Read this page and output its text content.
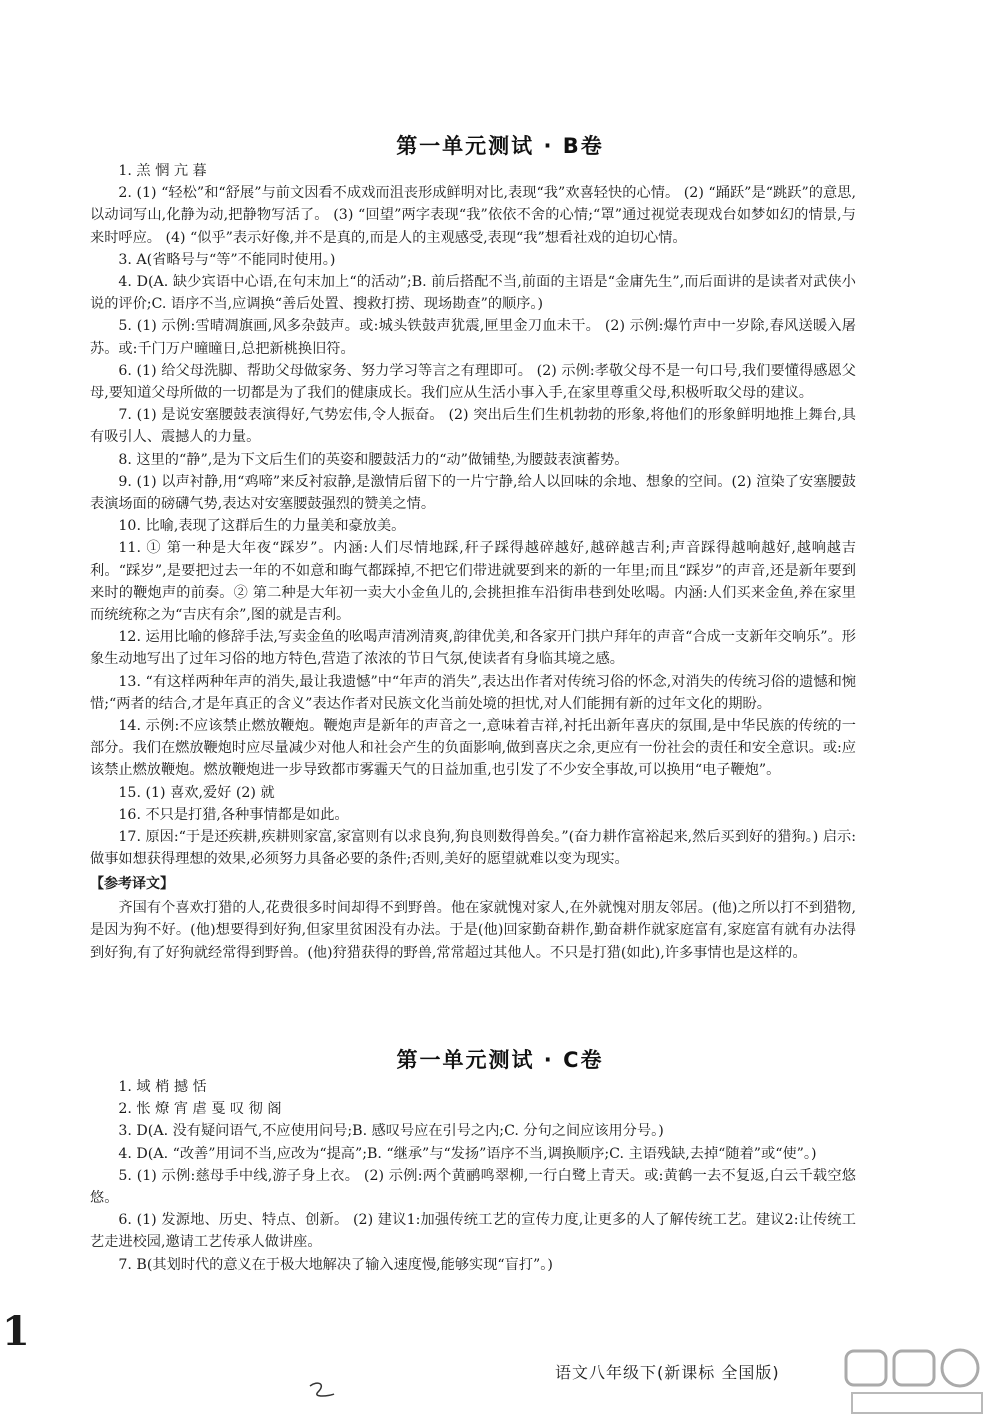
第一单元测试 · B卷

1. 羔 惘 亢 暮

2. (1) “轻松”和“舒展”与前文因看不成戏而沮丧形成鲜明对比,表现“我”欢喜轻快的心情。 (2) “踊跃”是“跳跃”的意思,以动词写山,化静为动,把静物写活了。 (3) “回望”两字表现“我”依依不舍的心情;“罩”通过视觉表现戏台如梦如幻的情景,与来时呼应。 (4) “似乎”表示好像,并不是真的,而是人的主观感受,表现“我”想看社戏的迫切心情。

3. A(省略号与“等”不能同时使用。)

4. D(A. 缺少宾语中心语,在句末加上“的活动”;B. 前后搭配不当,前面的主语是“金庸先生”,而后面讲的是读者对武侠小说的评价;C. 语序不当,应调换“善后处置、搜救打捞、现场勘查”的顺序。)

5. (1) 示例:雪晴凋旗画,风多杂鼓声。或:城头铁鼓声犹震,匣里金刀血未干。 (2) 示例:爆竹声中一岁除,春风送暖入屠苏。或:千门万户曈曈日,总把新桃换旧符。

6. (1) 给父母洗脚、帮助父母做家务、努力学习等言之有理即可。 (2) 示例:孝敬父母不是一句口号,我们要懂得感恩父母,要知道父母所做的一切都是为了我们的健康成长。我们应从生活小事入手,在家里尊重父母,积极听取父母的建议。

7. (1) 是说安塞腰鼓表演得好,气势宏伟,令人振奋。 (2) 突出后生们生机勃勃的形象,将他们的形象鲜明地推上舞台,具有吸引人、震撼人的力量。

8. 这里的“静”,是为下文后生们的英姿和腰鼓活力的“动”做铺垫,为腰鼓表演蓄势。

9. (1) 以声衬静,用“鸡啼”来反衬寂静,是激情后留下的一片宁静,给人以回味的余地、想象的空间。(2) 渲染了安塞腰鼓表演场面的磅礴气势,表达对安塞腰鼓强烈的赞美之情。

10. 比喻,表现了这群后生的力量美和豪放美。

11. ① 第一种是大年夜“踩岁”。内涵:人们尽情地踩,秆子踩得越碎越好,越碎越吉利;声音踩得越响越好,越响越吉利。“踩岁”,是要把过去一年的不如意和晦气都踩掉,不把它们带进就要到来的新的一年里;而且“踩岁”的声音,还是新年要到来时的鞭炮声的前奏。② 第二种是大年初一卖大小金鱼儿的,会挑担推车沿街串巷到处吆喝。内涵:人们买来金鱼,养在家里而统统称之为“吉庆有余”,图的就是吉利。

12. 运用比喻的修辞手法,写卖金鱼的吆喝声清冽清爽,韵律优美,和各家开门拱户拜年的声音“合成一支新年交响乐”。形象生动地写出了过年习俗的地方特色,营造了浓浓的节日气氛,使读者有身临其境之感。

13. “有这样两种年声的消失,最让我遗憾”中“年声的消失”,表达出作者对传统习俗的怀念,对消失的传统习俗的遗憾和惋惜;“两者的结合,才是年真正的含义”表达作者对民族文化当前处境的担忧,对人们能拥有新的过年文化的期盼。

14. 示例:不应该禁止燃放鞭炮。鞭炮声是新年的声音之一,意味着吉祥,衬托出新年喜庆的氛围,是中华民族的传统的一部分。我们在燃放鞭炮时应尽量减少对他人和社会产生的负面影响,做到喜庆之余,更应有一份社会的责任和安全意识。或:应该禁止燃放鞭炮。燃放鞭炮进一步导致都市雾霾天气的日益加重,也引发了不少安全事故,可以换用“电子鞭炮”。

15. (1) 喜欢,爱好 (2) 就

16. 不只是打猎,各种事情都是如此。

17. 原因:“于是还疾耕,疾耕则家富,家富则有以求良狗,狗良则数得兽矣。”(奋力耕作富裕起来,然后买到好的猎狗。) 启示:做事如想获得理想的效果,必须努力具备必要的条件;否则,美好的愿望就难以变为现实。

【参考译文】

齐国有个喜欢打猎的人,花费很多时间却得不到野兽。他在家就愧对家人,在外就愧对朋友邻居。(他)之所以打不到猎物,是因为狗不好。(他)想要得到好狗,但家里贫困没有办法。于是(他)回家勤奋耕作,勤奋耕作就家庭富有,家庭富有就有办法得到好狗,有了好狗就经常得到野兽。(他)狩猎获得的野兽,常常超过其他人。不只是打猎(如此),许多事情也是这样的。

第一单元测试 · C卷

1. 域 梢 撼 恬

2. 怅 燎 宵 虐 戛 叹 彻 阁

3. D(A. 没有疑问语气,不应使用问号;B. 感叹号应在引号之内;C. 分句之间应该用分号。)

4. D(A. “改善”用词不当,应改为“提高”;B. “继承”与“发扬”语序不当,调换顺序;C. 主语残缺,去掉“随着”或“使”。)

5. (1) 示例:慈母手中线,游子身上衣。 (2) 示例:两个黄鹂鸣翠柳,一行白鹭上青天。或:黄鹤一去不复返,白云千载空悠悠。

6. (1) 发源地、历史、特点、创新。 (2) 建议1:加强传统工艺的宣传力度,让更多的人了解传统工艺。建议2:让传统工艺走进校园,邀请工艺传承人做讲座。

7. B(其划时代的意义在于极大地解决了输入速度慢,能够实现“盲打”。)

1
语文八年级下(新课标 全国版)
